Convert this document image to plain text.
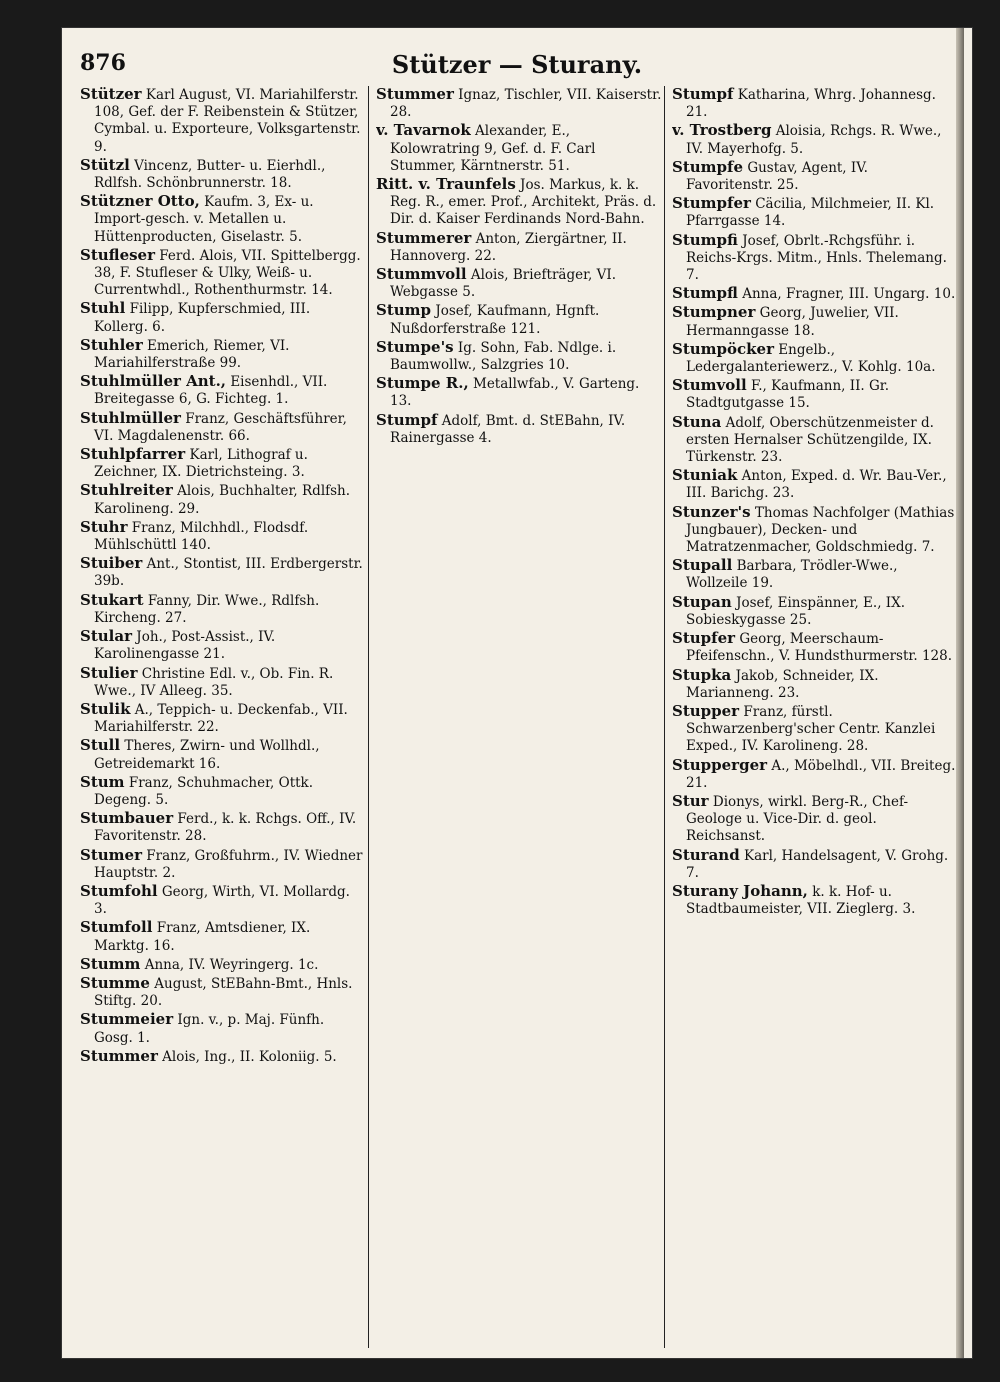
876	Stützer — Sturany.
Stützer Karl August, VI. Mariahilferstr. 108, Gef. der F. Reibenstein & Stützer, Cymbal. u. Exporteure, Volksgartenstr. 9.
Stützl Vincenz, Butter- u. Eierhdl., Rdlfsh. Schönbrunnerstr. 18.
Stützner Otto, Kaufm. 3, Ex- u. Import-gesch. v. Metallen u. Hüttenproducten, Giselastr. 5.
Stufleser Ferd. Alois, VII. Spittelbergg. 38, F. Stufleser & Ulky, Weiß- u. Currentwhdl., Rothenthurmstr. 14.
Stuhl Filipp, Kupferschmied, III. Kollerg. 6.
Stuhler Emerich, Riemer, VI. Mariahilferstraße 99.
Stuhlmüller Ant., Eisenhdl., VII. Breitegasse 6, G. Fichteg. 1.
Stuhlmüller Franz, Geschäftsführer, VI. Magdalenenstr. 66.
Stuhlpfarrer Karl, Lithograf u. Zeichner, IX. Dietrichsteing. 3.
Stuhlreiter Alois, Buchhalter, Rdlfsh. Karolineng. 29.
Stuhr Franz, Milchhdl., Flodsdf. Mühlschüttl 140.
Stuiber Ant., Stontist, III. Erdbergerstr. 39b.
Stukart Fanny, Dir. Wwe., Rdlfsh. Kircheng. 27.
Stular Joh., Post-Assist., IV. Karolinengasse 21.
Stulier Christine Edl. v., Ob. Fin. R. Wwe., IV Alleeg. 35.
Stulik A., Teppich- u. Deckenfab., VII. Mariahilferstr. 22.
Stull Theres, Zwirn- und Wollhdl., Getreidemarkt 16.
Stum Franz, Schuhmacher, Ottk. Degeng. 5.
Stumbauer Ferd., k. k. Rchgs. Off., IV. Favoritenstr. 28.
Stumer Franz, Großfuhrm., IV. Wiedner Hauptstr. 2.
Stumfohl Georg, Wirth, VI. Mollardg. 3.
Stumfoll Franz, Amtsdiener, IX. Marktg. 16.
Stumm Anna, IV. Weyringerg. 1c.
Stumme August, StEBahn-Bmt., Hnls. Stiftg. 20.
Stummeier Ign. v., p. Maj. Fünfh. Gosg. 1.
Stummer Alois, Ing., II. Koloniig. 5.
Stummer Ignaz, Tischler, VII. Kaiserstr. 28.
v. Tavarnok Alexander, E., Kolowratring 9, Gef. d. F. Carl Stummer, Kärntnerstr. 51.
Ritt. v. Traunfels Jos. Markus, k. k. Reg. R., emer. Prof., Architekt, Präs. d. Dir. d. Kaiser Ferdinands Nord-Bahn.
Stummerer Anton, Ziergärtner, II. Hannoverg. 22.
Stummvoll Alois, Briefträger, VI. Webgasse 5.
Stump Josef, Kaufmann, Hgnft. Nußdorferstraße 121.
Stumpe's Ig. Sohn, Fab. Ndlge. i. Baumwollw., Salzgries 10.
Stumpe R., Metallwfab., V. Garteng. 13.
Stumpf Adolf, Bmt. d. StEBahn, IV. Rainergasse 4.
Stumpf Katharina, Whrg. Johannesg. 21.
v. Trostberg Aloisia, Rchgs. R. Wwe., IV. Mayerhofg. 5.
Stumpfe Gustav, Agent, IV. Favoritenstr. 25.
Stumpfer Cäcilia, Milchmeier, II. Kl. Pfarrgasse 14.
Stumpfi Josef, Obrlt.-Rchgsführ. i. Reichs-Krgs. Mitm., Hnls. Thelemang. 7.
Stumpfl Anna, Fragner, III. Ungarg. 10.
Stumpner Georg, Juwelier, VII. Hermanngasse 18.
Stumpöcker Engelb., Ledergalanteriewerz., V. Kohlg. 10a.
Stumvoll F., Kaufmann, II. Gr. Stadtgutgasse 15.
Stuna Adolf, Oberschützenmeister d. ersten Hernalser Schützengilde, IX. Türkenstr. 23.
Stuniak Anton, Exped. d. Wr. Bau-Ver., III. Barichg. 23.
Stunzer's Thomas Nachfolger (Mathias Jungbauer), Decken- und Matratzenmacher, Goldschmiedg. 7.
Stupall Barbara, Trödler-Wwe., Wollzeile 19.
Stupan Josef, Einspänner, E., IX. Sobieskygasse 25.
Stupfer Georg, Meerschaum-Pfeifenschn., V. Hundsthurmerstr. 128.
Stupka Jakob, Schneider, IX. Marianneng. 23.
Stupper Franz, fürstl. Schwarzenberg'scher Centr. Kanzlei Exped., IV. Karolineng. 28.
Stupperger A., Möbelhdl., VII. Breiteg. 21.
Stur Dionys, wirkl. Berg-R., Chef-Geologe u. Vice-Dir. d. geol. Reichsanst.
Sturand Karl, Handelsagent, V. Grohg. 7.
Sturany Johann, k. k. Hof- u. Stadtbaumeister, VII. Zieglerg. 3.
